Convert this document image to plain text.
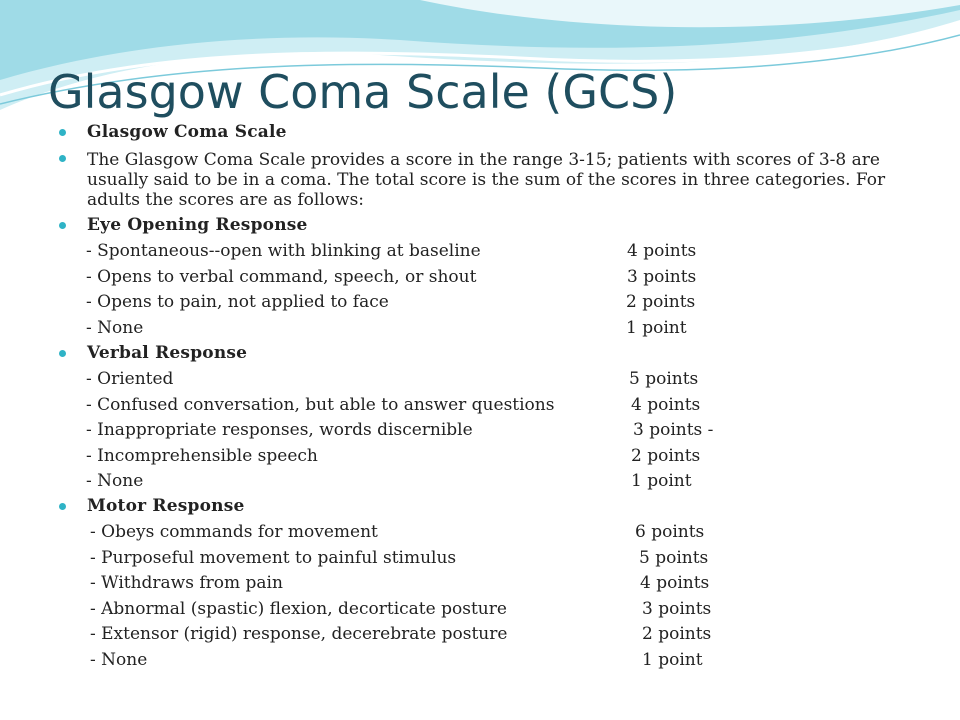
Glasgow Coma Scale (GCS)
Glasgow Coma Scale
The Glasgow Coma Scale provides a score in the range 3-15; patients with scores of 3-8 are usually said to be in a coma. The total score is the sum of the scores in three categories. For adults the scores are as follows:
Eye Opening Response
- Spontaneous--open with blinking at baseline	4 points
- Opens to verbal command, speech, or shout	3 points
- Opens to pain, not applied to face	2 points
- None	1 point
Verbal Response
- Oriented	5 points
- Confused conversation, but able to answer questions	4 points
- Inappropriate responses, words discernible	3 points -
- Incomprehensible speech	2 points
- None	1 point
Motor Response
- Obeys commands for movement	6 points
- Purposeful movement to painful stimulus	5 points
- Withdraws from pain	4 points
- Abnormal (spastic) flexion, decorticate posture	3 points
- Extensor (rigid) response, decerebrate posture	2 points
- None	1 point
